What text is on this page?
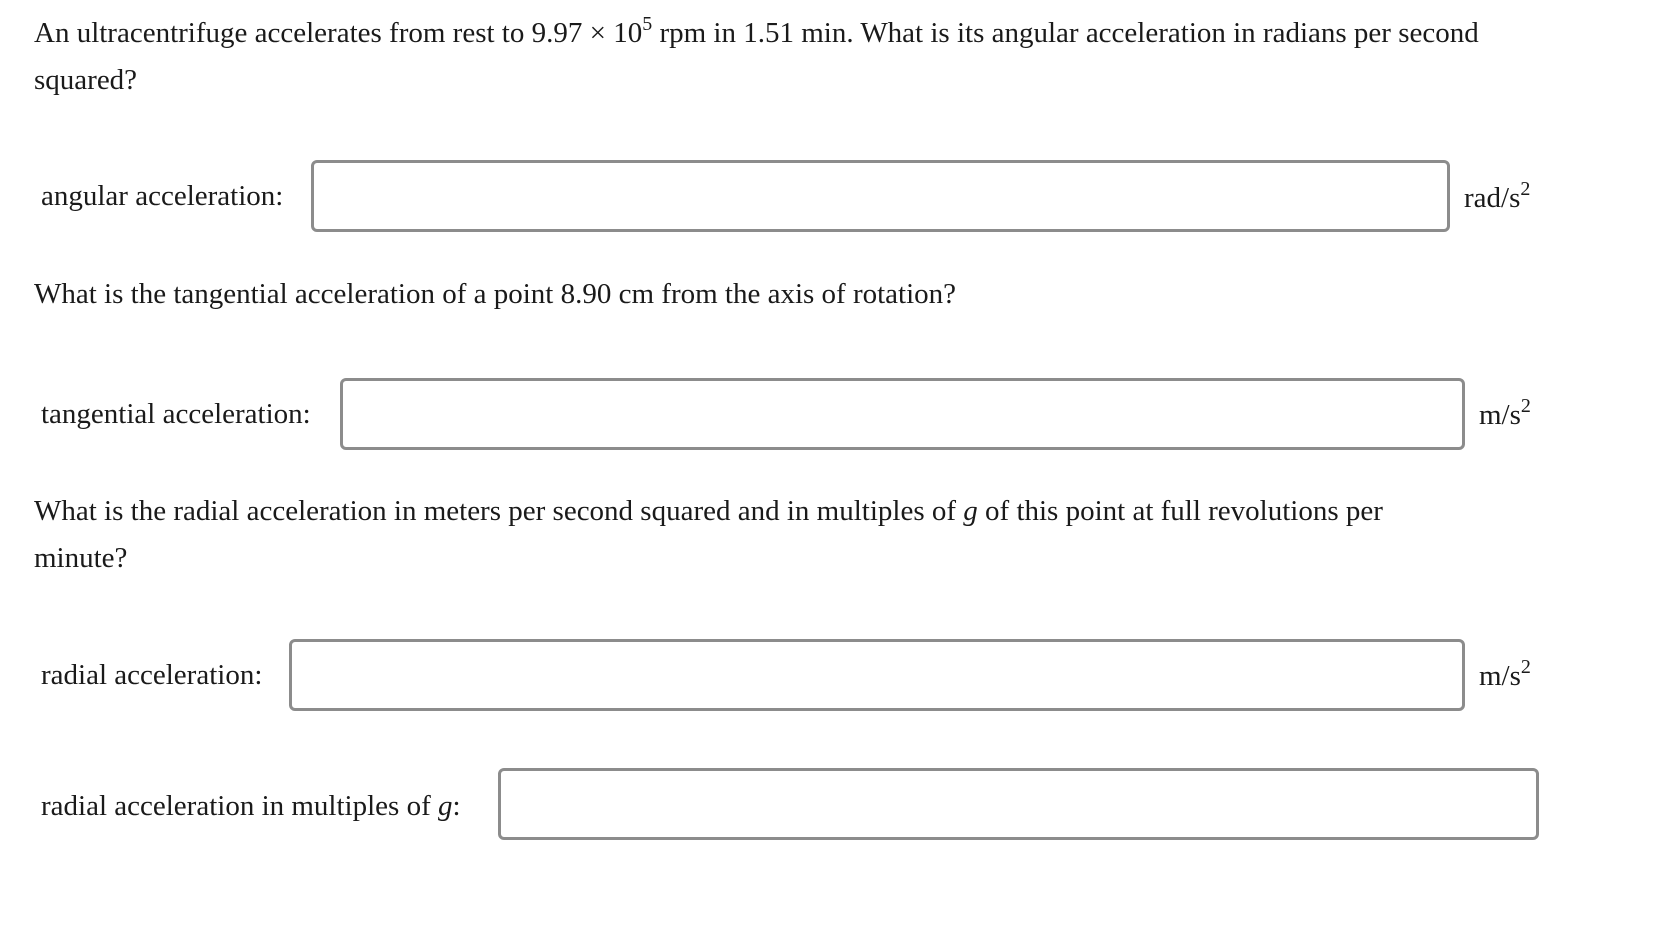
An ultracentrifuge accelerates from rest to $9.97 \times 10^5$ rpm in 1.51 min. What is its angular acceleration in radians per second squared?

angular acceleration:	rad/$s^2$

What is the tangential acceleration of a point 8.90 cm from the axis of rotation?

tangential acceleration:	$m/s^2$

What is the radial acceleration in meters per second squared and in multiples of g of this point at full revolutions per minute?

radial acceleration:	$m/s^2$
radial acceleration in multiples of g:
